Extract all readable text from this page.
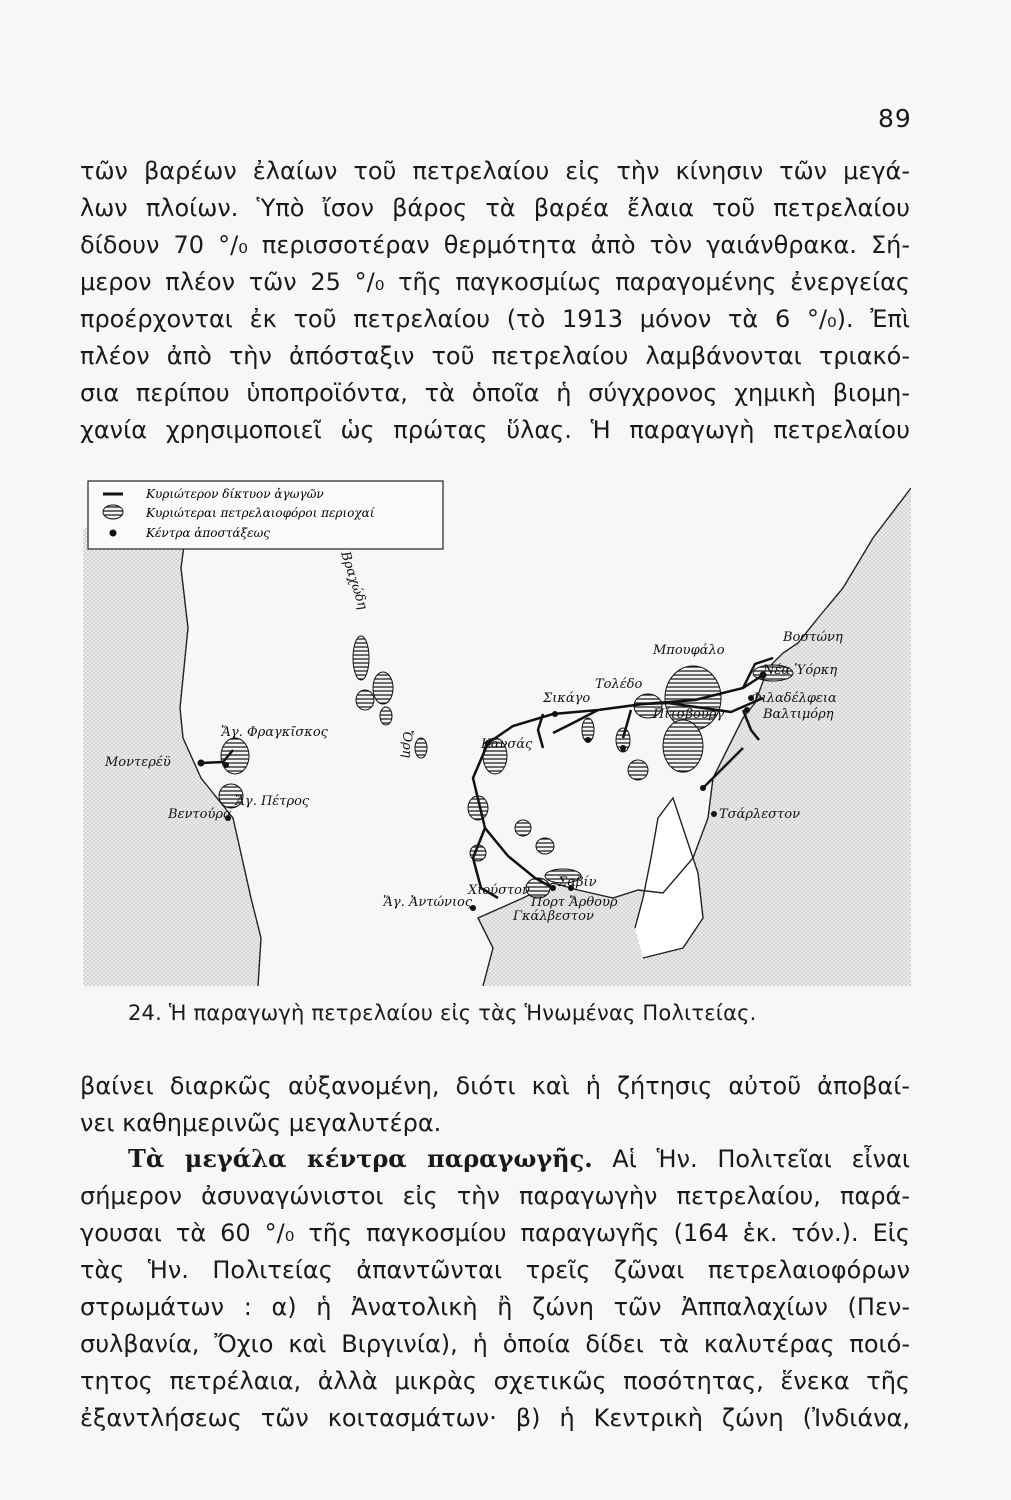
89

τῶν βαρέων ἐλαίων τοῦ πετρελαίου εἰς τὴν κίνησιν τῶν μεγά-

λων πλοίων. Ὑπὸ ἴσον βάρος τὰ βαρέα ἔλαια τοῦ πετρελαίου

δίδουν 70 °/₀ περισσοτέραν θερμότητα ἀπὸ τὸν γαιάνθρακα. Σή-

μερον πλέον τῶν 25 °/₀ τῆς παγκοσμίως παραγομένης ἐνεργείας

προέρχονται ἐκ τοῦ πετρελαίου (τὸ 1913 μόνον τὰ 6 °/₀). Ἐπὶ

πλέον ἀπὸ τὴν ἀπόσταξιν τοῦ πετρελαίου λαμβάνονται τριακό-

σια περίπου ὑποπροϊόντα, τὰ ὁποῖα ἡ σύγχρονος χημικὴ βιομη-

χανία χρησιμοποιεῖ ὡς πρώτας ὕλας. Ἡ παραγωγὴ πετρελαίου

Κυριώτερον δίκτυον ἀγωγῶν
Κυριώτεραι πετρελαιοφόροι περιοχαί
Κέντρα ἀποστάξεως
Βραχώδη
Ὄρη
Μπουφάλο
Βοστώνη
Νέα Ὑόρκη
Φιλαδέλφεια
Βαλτιμόρη
Τολέδο
Σικάγο
Πίτσβουργ
Κανσάς
Τσάρλεστον
Χιούστον
Σαβίν
Πορτ Ἄρθουρ
Γκάλβεστον
Ἅγ. Ἀντώνιος
Ἅγ. Φραγκῖσκος
Μοντερέϋ
Βεντούρα
Ἅγ. Πέτρος
24. Ἡ παραγωγὴ πετρελαίου εἰς τὰς Ἡνωμένας Πολιτείας.

βαίνει διαρκῶς αὐξανομένη, διότι καὶ ἡ ζήτησις αὐτοῦ ἀποβαί-

νει καθημερινῶς μεγαλυτέρα.

Τὰ μεγάλα κέντρα παραγωγῆς. Αἱ Ἡν. Πολιτεῖαι εἶναι

σήμερον ἀσυναγώνιστοι εἰς τὴν παραγωγὴν πετρελαίου, παρά-

γουσαι τὰ 60 °/₀ τῆς παγκοσμίου παραγωγῆς (164 ἑκ. τόν.). Εἰς

τὰς Ἡν. Πολιτείας ἀπαντῶνται τρεῖς ζῶναι πετρελαιοφόρων

στρωμάτων : α) ἡ Ἀνατολικὴ ἢ ζώνη τῶν Ἀππαλαχίων (Πεν-

συλβανία, Ὄχιο καὶ Βιργινία), ἡ ὁποία δίδει τὰ καλυτέρας ποιό-

τητος πετρέλαια, ἀλλὰ μικρὰς σχετικῶς ποσότητας, ἕνεκα τῆς

ἐξαντλήσεως τῶν κοιτασμάτων· β) ἡ Κεντρικὴ ζώνη (Ἰνδιάνα,
